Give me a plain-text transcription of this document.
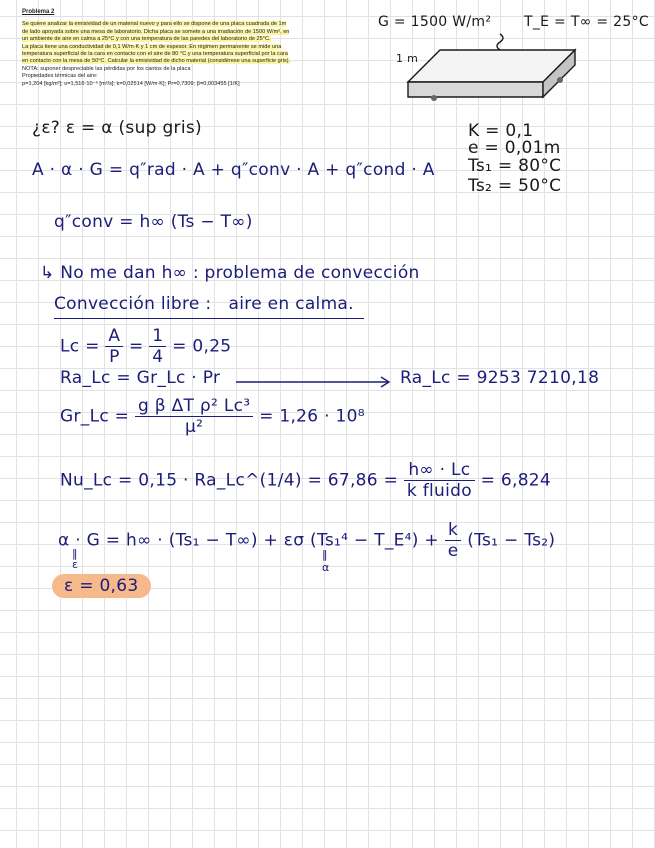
Problema 2

Se quiere analizar la emisividad de un material nuevo y para ello se dispone de una placa cuadrada de 1m

de lado apoyada sobre una mesa de laboratorio. Dicha placa se somete a una irradiación de 1500 W/m², en

un ambiente de aire en calma a 25°C y con una temperatura de las paredes del laboratorio de 25°C.

La placa tiene una conductividad de 0,1 W/m·K y 1 cm de espesor. En régimen permanente se mide una

temperatura superficial de la cara en contacto con el aire de 80 °C y una temperatura superficial por la cara

en contacto con la mesa de 50°C. Calcular la emisividad de dicho material (considérese una superficie gris).

NOTA: suponer despreciable las pérdidas por los cantos de la placa

Propiedades térmicas del aire:

ρ=1,204 [kg/m³]; υ=1,516·10⁻⁵ [m²/s]; k=0,02514 [W/m·K]; Pr=0,7309; β=0,003455 [1/K]

G = 1500 W/m² T_E = T∞ = 25°C
1 m
K = 0,1
e = 0,01m
Ts₁ = 80°C
Ts₂ = 50°C
¿ε? ε = α (sup gris)
A · α · G = q″rad · A + q″conv · A + q″cond · A
q″conv = h∞ (Ts − T∞)
↳ No me dan h∞ : problema de convección
Convección libre : aire en calma.
$Lc = \frac{A}{P} = \frac{1}{4} = 0,25$
Ra_Lc = Gr_Lc · Pr	Ra_Lc = 9253 7210,18
Gr_Lc = $\frac{\text{g β ΔT ρ² Lc³}}{\text{μ²}} = 1,26 \cdot 10^8$
Nu_Lc = 0,15 · Ra_Lc^(1/4) = $67,86 = \frac{h\infty \cdot Lc}{\text{k fluido}} = 6,824$
α · G = h∞ · (Ts₁ − T∞) + εσ (Ts₁⁴ − T_E⁴) + $\frac{k}{e} (Ts_1 - Ts_2)$
‖
ε
‖
α
ε = 0,63
